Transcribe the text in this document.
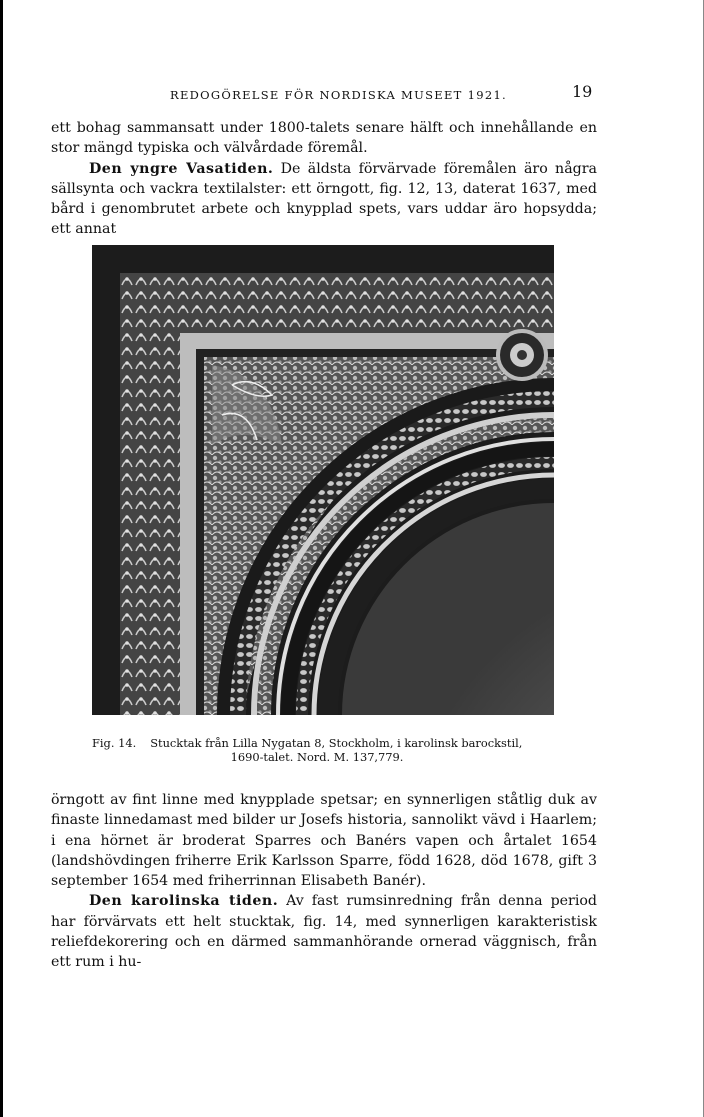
REDOGÖRELSE FÖR NORDISKA MUSEET 1921.	19

ett bohag sammansatt under 1800-talets senare hälft och innehållande en stor mängd typiska och välvårdade föremål.

Den yngre Vasatiden. De äldsta förvärvade föremålen äro några sällsynta och vackra textilalster: ett örngott, fig. 12, 13, daterat 1637, med bård i genombrutet arbete och knypplad spets, vars uddar äro hopsydda; ett annat

Fig. 14. Stucktak från Lilla Nygatan 8, Stockholm, i karolinsk barockstil,
1690-talet. Nord. M. 137,779.

örngott av fint linne med knypplade spetsar; en synnerligen ståtlig duk av finaste linnedamast med bilder ur Josefs historia, sannolikt vävd i Haarlem; i ena hörnet är broderat Sparres och Banérs vapen och årtalet 1654 (landshövdingen friherre Erik Karlsson Sparre, född 1628, död 1678, gift 3 september 1654 med friherrinnan Elisabeth Banér).

Den karolinska tiden. Av fast rumsinredning från denna period har förvärvats ett helt stucktak, fig. 14, med synnerligen karakteristisk reliefdekorering och en därmed sammanhörande ornerad väggnisch, från ett rum i hu-
